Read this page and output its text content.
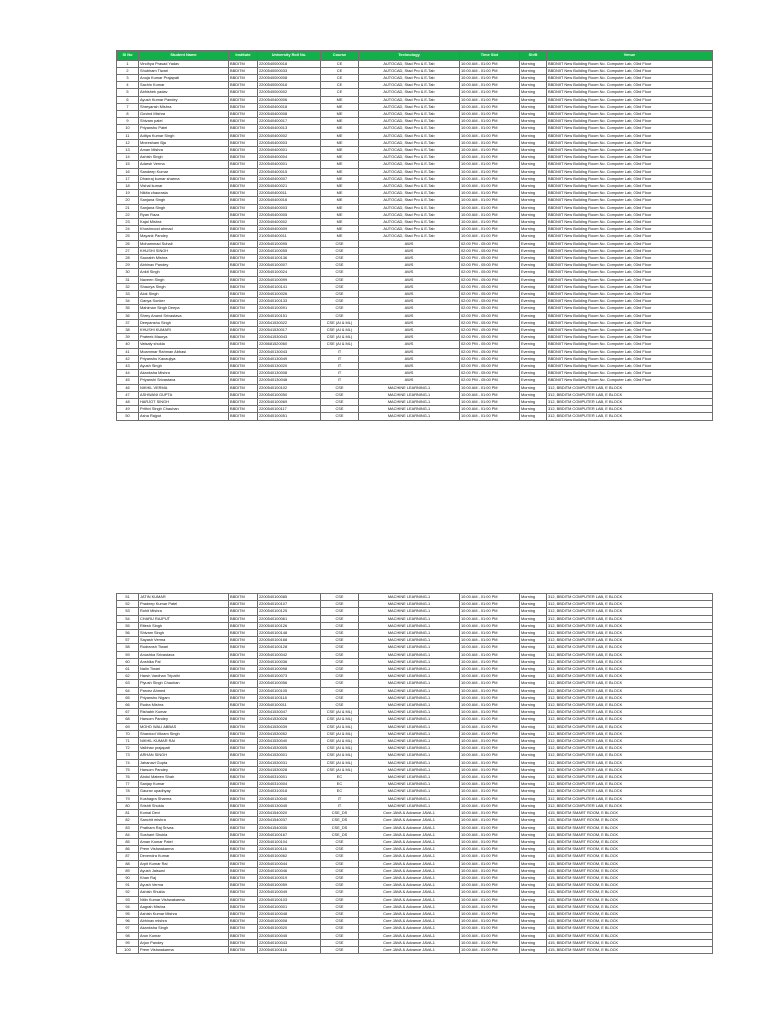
Sl No	Student Name	Institute	University Roll No.	Course	Technology	Time Slot	Shift	Venue
1	Vindhya Prasad Yadav	BBDITM	2200540000018	CE	AUTOCAD, Stad Pro & E-Tab	10:00 AM - 01:00 PM	Morning	BBDNIIT New Building Room No. Computer Lab, 03rd Floor
2	Shubham Tiwari	BBDITM	2200540000033	CE	AUTOCAD, Stad Pro & E-Tab	10:00 AM - 01:00 PM	Morning	BBDNIIT New Building Room No. Computer Lab, 03rd Floor
3	Anuja Kumar Prajapati	BBDITM	2200540000008	CE	AUTOCAD, Stad Pro & E-Tab	10:00 AM - 01:00 PM	Morning	BBDNIIT New Building Room No. Computer Lab, 03rd Floor
4	Sachin Kumar	BBDITM	2200540000016	CE	AUTOCAD, Stad Pro & E-Tab	10:00 AM - 01:00 PM	Morning	BBDNIIT New Building Room No. Computer Lab, 03rd Floor
5	Abhishek yadav	BBDITM	2200540000002	CE	AUTOCAD, Stad Pro & E-Tab	10:00 AM - 01:00 PM	Morning	BBDNIIT New Building Room No. Computer Lab, 03rd Floor
6	Ayush Kumar Pandey	BBDITM	2200540400006	ME	AUTOCAD, Stad Pro & E-Tab	10:00 AM - 01:00 PM	Morning	BBDNIIT New Building Room No. Computer Lab, 03rd Floor
7	Shreyansh Mishra	BBDITM	2200540400018	ME	AUTOCAD, Stad Pro & E-Tab	10:00 AM - 01:00 PM	Morning	BBDNIIT New Building Room No. Computer Lab, 03rd Floor
8	Govind Mishra	BBDITM	2200540400008	ME	AUTOCAD, Stad Pro & E-Tab	10:00 AM - 01:00 PM	Morning	BBDNIIT New Building Room No. Computer Lab, 03rd Floor
9	Shivam patel	BBDITM	2200540400017	ME	AUTOCAD, Stad Pro & E-Tab	10:00 AM - 01:00 PM	Morning	BBDNIIT New Building Room No. Computer Lab, 03rd Floor
10	Priyanshu Patel	BBDITM	2200540400013	ME	AUTOCAD, Stad Pro & E-Tab	10:00 AM - 01:00 PM	Morning	BBDNIIT New Building Room No. Computer Lab, 03rd Floor
11	Aditya Kumar Singh	BBDITM	2200540400002	ME	AUTOCAD, Stad Pro & E-Tab	10:00 AM - 01:00 PM	Morning	BBDNIIT New Building Room No. Computer Lab, 03rd Floor
12	Mneesham Bja	BBDITM	2200540400003	ME	AUTOCAD, Stad Pro & E-Tab	10:00 AM - 01:00 PM	Morning	BBDNIIT New Building Room No. Computer Lab, 03rd Floor
13	Aman Mishra	BBDITM	2200540400001	ME	AUTOCAD, Stad Pro & E-Tab	10:00 AM - 01:00 PM	Morning	BBDNIIT New Building Room No. Computer Lab, 03rd Floor
14	Ashish Singh	BBDITM	2200540400004	ME	AUTOCAD, Stad Pro & E-Tab	10:00 AM - 01:00 PM	Morning	BBDNIIT New Building Room No. Computer Lab, 03rd Floor
15	Adarsh Verma	BBDITM	2200540400001	ME	AUTOCAD, Stad Pro & E-Tab	10:00 AM - 01:00 PM	Morning	BBDNIIT New Building Room No. Computer Lab, 03rd Floor
16	Sandeep Kumar	BBDITM	2200540400015	ME	AUTOCAD, Stad Pro & E-Tab	10:00 AM - 01:00 PM	Morning	BBDNIIT New Building Room No. Computer Lab, 03rd Floor
17	Dhanraj kumar sharma	BBDITM	2200540400007	ME	AUTOCAD, Stad Pro & E-Tab	10:00 AM - 01:00 PM	Morning	BBDNIIT New Building Room No. Computer Lab, 03rd Floor
18	Vishal kumar	BBDITM	2200540400021	ME	AUTOCAD, Stad Pro & E-Tab	10:00 AM - 01:00 PM	Morning	BBDNIIT New Building Room No. Computer Lab, 03rd Floor
19	Nikita chaurasia	BBDITM	2200540400011	ME	AUTOCAD, Stad Pro & E-Tab	10:00 AM - 01:00 PM	Morning	BBDNIIT New Building Room No. Computer Lab, 03rd Floor
20	Sanjana Singh	BBDITM	2200540400016	ME	AUTOCAD, Stad Pro & E-Tab	10:00 AM - 01:00 PM	Morning	BBDNIIT New Building Room No. Computer Lab, 03rd Floor
21	Sanjana Singh	BBDITM	2200540400003	ME	AUTOCAD, Stad Pro & E-Tab	10:00 AM - 01:00 PM	Morning	BBDNIIT New Building Room No. Computer Lab, 03rd Floor
22	Ryan Raza	BBDITM	2200540400005	ME	AUTOCAD, Stad Pro & E-Tab	10:00 AM - 01:00 PM	Morning	BBDNIIT New Building Room No. Computer Lab, 03rd Floor
23	Kajal Mishra	BBDITM	2200540400002	ME	AUTOCAD, Stad Pro & E-Tab	10:00 AM - 01:00 PM	Morning	BBDNIIT New Building Room No. Computer Lab, 03rd Floor
24	Khushnood ahmad	BBDITM	2200540400009	ME	AUTOCAD, Stad Pro & E-Tab	10:00 AM - 01:00 PM	Morning	BBDNIIT New Building Room No. Computer Lab, 03rd Floor
25	Mayank Pandey	BBDITM	2100540400011	ME	AUTOCAD, Stad Pro & E-Tab	10:00 AM - 01:00 PM	Morning	BBDNIIT New Building Room No. Computer Lab, 03rd Floor
26	Mohammad Suhail	BBDITM	2200540100095	CSE	AWS	02:00 PM - 05:00 PM	Evening	BBDNIIT New Building Room No. Computer Lab, 03rd Floor
27	KHUSHI SINGH	BBDITM	2200540100055	CSE	AWS	02:00 PM - 05:00 PM	Evening	BBDNIIT New Building Room No. Computer Lab, 03rd Floor
28	Saurabh Mishra	BBDITM	2200540100136	CSE	AWS	02:00 PM - 05:00 PM	Evening	BBDNIIT New Building Room No. Computer Lab, 03rd Floor
29	Abhinav Pandey	BBDITM	2200540100007	CSE	AWS	02:00 PM - 05:00 PM	Evening	BBDNIIT New Building Room No. Computer Lab, 03rd Floor
30	Ankit Singh	BBDITM	2200540100024	CSE	AWS	02:00 PM - 05:00 PM	Evening	BBDNIIT New Building Room No. Computer Lab, 03rd Floor
31	Naveen Singh	BBDITM	2200540100099	CSE	AWS	02:00 PM - 05:00 PM	Evening	BBDNIIT New Building Room No. Computer Lab, 03rd Floor
32	Shaurya Singh	BBDITM	2200540100141	CSE	AWS	02:00 PM - 05:00 PM	Evening	BBDNIIT New Building Room No. Computer Lab, 03rd Floor
33	Alok Singh	BBDITM	2200540100026	CSE	AWS	02:00 PM - 05:00 PM	Evening	BBDNIIT New Building Room No. Computer Lab, 03rd Floor
34	Ganya Sonker	BBDITM	2200540100133	CSE	AWS	02:00 PM - 05:00 PM	Evening	BBDNIIT New Building Room No. Computer Lab, 03rd Floor
35	Mahiman Singh Deepa	BBDITM	2200540100091	CSE	AWS	02:00 PM - 05:00 PM	Evening	BBDNIIT New Building Room No. Computer Lab, 03rd Floor
36	Shrey Anand Srivastava	BBDITM	2200540100151	CSE	AWS	02:00 PM - 05:00 PM	Evening	BBDNIIT New Building Room No. Computer Lab, 03rd Floor
37	Deepanshu Singh	BBDITM	2200541530022	CSE (AI & ML)	AWS	02:00 PM - 05:00 PM	Evening	BBDNIIT New Building Room No. Computer Lab, 03rd Floor
38	KHUSHI KUMARI	BBDITM	2200541530017	CSE (AI & ML)	AWS	02:00 PM - 05:00 PM	Evening	BBDNIIT New Building Room No. Computer Lab, 03rd Floor
39	Prateek Maurya	BBDITM	2200541530043	CSE (AI & ML)	AWS	02:00 PM - 05:00 PM	Evening	BBDNIIT New Building Room No. Computer Lab, 03rd Floor
40	Vatsaly shukla	BBDITM	2205681520060	CSE (AI & ML)	AWS	02:00 PM - 05:00 PM	Evening	BBDNIIT New Building Room No. Computer Lab, 03rd Floor
41	Moammar Rahman Abbasi	BBDITM	2200540130043	IT	AWS	02:00 PM - 05:00 PM	Evening	BBDNIIT New Building Room No. Computer Lab, 03rd Floor
42	Priyanshu Kanaujiya	BBDITM	2200540130049	IT	AWS	02:00 PM - 05:00 PM	Evening	BBDNIIT New Building Room No. Computer Lab, 03rd Floor
43	Ayush Singh	BBDITM	2200540130020	IT	AWS	02:00 PM - 05:00 PM	Evening	BBDNIIT New Building Room No. Computer Lab, 03rd Floor
44	Akanksha Mishra	BBDITM	2200540130008	IT	AWS	02:00 PM - 05:00 PM	Evening	BBDNIIT New Building Room No. Computer Lab, 03rd Floor
45	Priyanshi Srivastava	BBDITM	2200540130048	IT	AWS	02:00 PM - 05:00 PM	Evening	BBDNIIT New Building Room No. Computer Lab, 03rd Floor
46	NIKHIL VERMA	BBDITM	2200540100102	CSE	MACHINE LEARNING-1	10:00 AM - 01:00 PM	Morning	312, BBDITM COMPUTER LAB, E BLOCK
47	ASHWANI GUPTA	BBDITM	2200540100050	CSE	MACHINE LEARNING-1	10:00 AM - 01:00 PM	Morning	312, BBDITM COMPUTER LAB, E BLOCK
48	HARJOT SINGH	BBDITM	2200540100069	CSE	MACHINE LEARNING-1	10:00 AM - 01:00 PM	Morning	312, BBDITM COMPUTER LAB, E BLOCK
49	Prithvi Singh Chauhan	BBDITM	2200540100117	CSE	MACHINE LEARNING-1	10:00 AM - 01:00 PM	Morning	312, BBDITM COMPUTER LAB, E BLOCK
50	Asha Rajput	BBDITM	2200540100051	CSE	MACHINE LEARNING-1	10:00 AM - 01:00 PM	Morning	312, BBDITM COMPUTER LAB, E BLOCK
51	JATIN KUMAR	BBDITM	2200540100085	CSE	MACHINE LEARNING-1	10:00 AM - 01:00 PM	Morning	312, BBDITM COMPUTER LAB, E BLOCK
52	Pradeep Kumar Patel	BBDITM	2200540100107	CSE	MACHINE LEARNING-1	10:00 AM - 01:00 PM	Morning	312, BBDITM COMPUTER LAB, E BLOCK
53	Rohit Mishra	BBDITM	2200540100125	CSE	MACHINE LEARNING-1	10:00 AM - 01:00 PM	Morning	312, BBDITM COMPUTER LAB, E BLOCK
54	CHARU RAJPUT	BBDITM	2200540100061	CSE	MACHINE LEARNING-1	10:00 AM - 01:00 PM	Morning	312, BBDITM COMPUTER LAB, E BLOCK
55	Ritesh Singh	BBDITM	2200540100126	CSE	MACHINE LEARNING-1	10:00 AM - 01:00 PM	Morning	312, BBDITM COMPUTER LAB, E BLOCK
56	Shivam Singh	BBDITM	2200540100148	CSE	MACHINE LEARNING-1	10:00 AM - 01:00 PM	Morning	312, BBDITM COMPUTER LAB, E BLOCK
57	Sayash Verma	BBDITM	2200540100168	CSE	MACHINE LEARNING-1	10:00 AM - 01:00 PM	Morning	312, BBDITM COMPUTER LAB, E BLOCK
58	Rudransh Tiwari	BBDITM	2200540100128	CSE	MACHINE LEARNING-1	10:00 AM - 01:00 PM	Morning	312, BBDITM COMPUTER LAB, E BLOCK
59	Anushka Srivastava	BBDITM	2200540100042	CSE	MACHINE LEARNING-1	10:00 AM - 01:00 PM	Morning	312, BBDITM COMPUTER LAB, E BLOCK
60	Anshika Pal	BBDITM	2200540100036	CSE	MACHINE LEARNING-1	10:00 AM - 01:00 PM	Morning	312, BBDITM COMPUTER LAB, E BLOCK
61	Nalin Tiwari	BBDITM	2200540100098	CSE	MACHINE LEARNING-1	10:00 AM - 01:00 PM	Morning	312, BBDITM COMPUTER LAB, E BLOCK
62	Harsh Vardhan Tripathi	BBDITM	2200540100073	CSE	MACHINE LEARNING-1	10:00 AM - 01:00 PM	Morning	312, BBDITM COMPUTER LAB, E BLOCK
63	Piyush Singh Chauhan	BBDITM	2200540100056	CSE	MACHINE LEARNING-1	10:00 AM - 01:00 PM	Morning	312, BBDITM COMPUTER LAB, E BLOCK
64	Parvez Ahmed	BBDITM	2200540100105	CSE	MACHINE LEARNING-1	10:00 AM - 01:00 PM	Morning	312, BBDITM COMPUTER LAB, E BLOCK
65	Priyanshu Nigam	BBDITM	2200540100118	CSE	MACHINE LEARNING-1	10:00 AM - 01:00 PM	Morning	312, BBDITM COMPUTER LAB, E BLOCK
66	Rudra Mishra	BBDITM	2200540100011	CSE	MACHINE LEARNING-1	10:00 AM - 01:00 PM	Morning	312, BBDITM COMPUTER LAB, E BLOCK
67	Rishabh Kumar	BBDITM	2200541530047	CSE (AI & ML)	MACHINE LEARNING-1	10:00 AM - 01:00 PM	Morning	312, BBDITM COMPUTER LAB, E BLOCK
68	Harsom Pandey	BBDITM	2200541530028	CSE (AI & ML)	MACHINE LEARNING-1	10:00 AM - 01:00 PM	Morning	312, BBDITM COMPUTER LAB, E BLOCK
69	MOHD WALI ABBAS	BBDITM	2200541530039	CSE (AI & ML)	MACHINE LEARNING-1	10:00 AM - 01:00 PM	Morning	312, BBDITM COMPUTER LAB, E BLOCK
70	Shardool Vikram Singh	BBDITM	2200541530052	CSE (AI & ML)	MACHINE LEARNING-1	10:00 AM - 01:00 PM	Morning	312, BBDITM COMPUTER LAB, E BLOCK
71	NIKHIL KUMAR RAI	BBDITM	2200541530040	CSE (AI & ML)	MACHINE LEARNING-1	10:00 AM - 01:00 PM	Morning	312, BBDITM COMPUTER LAB, E BLOCK
72	Vaibhav prajapati	BBDITM	2200541530005	CSE (AI & ML)	MACHINE LEARNING-1	10:00 AM - 01:00 PM	Morning	312, BBDITM COMPUTER LAB, E BLOCK
73	ARHAN SINGH	BBDITM	2200541530001	CSE (AI & ML)	MACHINE LEARNING-1	10:00 AM - 01:00 PM	Morning	312, BBDITM COMPUTER LAB, E BLOCK
74	Jahanavi Gupta	BBDITM	2200541530031	CSE (AI & ML)	MACHINE LEARNING-1	10:00 AM - 01:00 PM	Morning	312, BBDITM COMPUTER LAB, E BLOCK
75	Harsom Pandey	BBDITM	2200541530028	CSE (AI & ML)	MACHINE LEARNING-1	10:00 AM - 01:00 PM	Morning	312, BBDITM COMPUTER LAB, E BLOCK
76	Abdul Mateen Shah	BBDITM	2200540310001	EC	MACHINE LEARNING-1	10:00 AM - 01:00 PM	Morning	312, BBDITM COMPUTER LAB, E BLOCK
77	Sanjay Kumar	BBDITM	2200540310004	EC	MACHINE LEARNING-1	10:00 AM - 01:00 PM	Morning	312, BBDITM COMPUTER LAB, E BLOCK
78	Gaurav upadhyay	BBDITM	2200540310018	EC	MACHINE LEARNING-1	10:00 AM - 01:00 PM	Morning	312, BBDITM COMPUTER LAB, E BLOCK
79	Kushagra Sharma	BBDITM	2200540130040	IT	MACHINE LEARNING-1	10:00 AM - 01:00 PM	Morning	312, BBDITM COMPUTER LAB, E BLOCK
80	Srishti Shukla	BBDITM	2200540130045	IT	MACHINE LEARNING-1	10:00 AM - 01:00 PM	Morning	312, BBDITM COMPUTER LAB, E BLOCK
81	Komal Devi	BBDITM	2200541540020	CSE_DS	Core JAVA & Advance JAVA-1	10:00 AM - 01:00 PM	Morning	415, BBDITM SMART ROOM, E BLOCK
82	Sanchit mishra	BBDITM	2200541540037	CSE_DS	Core JAVA & Advance JAVA-1	10:00 AM - 01:00 PM	Morning	415, BBDITM SMART ROOM, E BLOCK
83	Pratham Raj Srivas	BBDITM	2200541540030	CSE_DS	Core JAVA & Advance JAVA-1	10:00 AM - 01:00 PM	Morning	415, BBDITM SMART ROOM, E BLOCK
84	Sushant Shukla	BBDITM	2200540100167	CSE_DS	Core JAVA & Advance JAVA-1	10:00 AM - 01:00 PM	Morning	415, BBDITM SMART ROOM, E BLOCK
85	Aman Kumar Patel	BBDITM	2200540100104	CSE	Core JAVA & Advance JAVA-1	10:00 AM - 01:00 PM	Morning	415, BBDITM SMART ROOM, E BLOCK
86	Prem Vishwakarma	BBDITM	2200540100116	CSE	Core JAVA & Advance JAVA-1	10:00 AM - 01:00 PM	Morning	415, BBDITM SMART ROOM, E BLOCK
87	Devendra Kumar	BBDITM	2200540100062	CSE	Core JAVA & Advance JAVA-1	10:00 AM - 01:00 PM	Morning	415, BBDITM SMART ROOM, E BLOCK
88	Arpit Kumar Rai	BBDITM	2200540100044	CSE	Core JAVA & Advance JAVA-1	10:00 AM - 01:00 PM	Morning	415, BBDITM SMART ROOM, E BLOCK
89	Ayush Jaiswal	BBDITM	2200540100046	CSE	Core JAVA & Advance JAVA-1	10:00 AM - 01:00 PM	Morning	415, BBDITM SMART ROOM, E BLOCK
90	Khan Raj	BBDITM	2200540100019	CSE	Core JAVA & Advance JAVA-1	10:00 AM - 01:00 PM	Morning	415, BBDITM SMART ROOM, E BLOCK
91	Ayush Verma	BBDITM	2200540100059	CSE	Core JAVA & Advance JAVA-1	10:00 AM - 01:00 PM	Morning	415, BBDITM SMART ROOM, E BLOCK
92	Ashish Shukla	BBDITM	2200540100049	CSE	Core JAVA & Advance JAVA-1	10:00 AM - 01:00 PM	Morning	415, BBDITM SMART ROOM, E BLOCK
93	Nitin Kumar Vishwakarma	BBDITM	2200540100103	CSE	Core JAVA & Advance JAVA-1	10:00 AM - 01:00 PM	Morning	415, BBDITM SMART ROOM, E BLOCK
94	Aagrah Mishra	BBDITM	2200540100001	CSE	Core JAVA & Advance JAVA-1	10:00 AM - 01:00 PM	Morning	415, BBDITM SMART ROOM, E BLOCK
95	Ashish Kumar Mishra	BBDITM	2200540100048	CSE	Core JAVA & Advance JAVA-1	10:00 AM - 01:00 PM	Morning	415, BBDITM SMART ROOM, E BLOCK
96	Abhinav mishra	BBDITM	2200540100008	CSE	Core JAVA & Advance JAVA-1	10:00 AM - 01:00 PM	Morning	415, BBDITM SMART ROOM, E BLOCK
97	Akanksha Singh	BBDITM	2200540100020	CSE	Core JAVA & Advance JAVA-1	10:00 AM - 01:00 PM	Morning	415, BBDITM SMART ROOM, E BLOCK
98	Arun Kumar	BBDITM	2200540100045	CSE	Core JAVA & Advance JAVA-1	10:00 AM - 01:00 PM	Morning	415, BBDITM SMART ROOM, E BLOCK
99	Arjun Pandey	BBDITM	2200540100043	CSE	Core JAVA & Advance JAVA-1	10:00 AM - 01:00 PM	Morning	415, BBDITM SMART ROOM, E BLOCK
100	Prem Vishwakarma	BBDITM	2200540100116	CSE	Core JAVA & Advance JAVA-1	10:00 AM - 01:00 PM	Morning	415, BBDITM SMART ROOM, E BLOCK
